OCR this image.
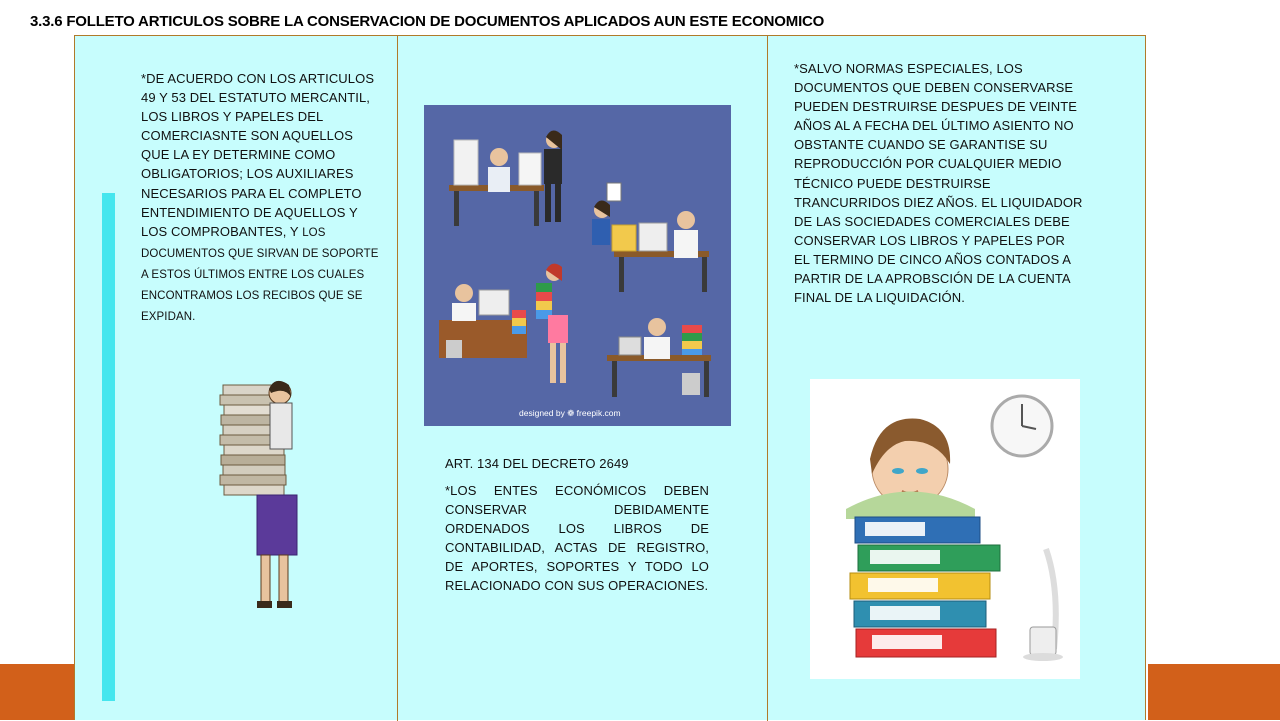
3.3.6 FOLLETO ARTICULOS SOBRE LA CONSERVACION DE DOCUMENTOS APLICADOS AUN ESTE ECONOMICO
*DE ACUERDO CON LOS ARTICULOS 49 Y 53 DEL ESTATUTO MERCANTIL, LOS LIBROS Y PAPELES DEL COMERCIASNTE SON AQUELLOS QUE LA EY DETERMINE COMO OBLIGATORIOS; LOS AUXILIARES NECESARIOS PARA EL COMPLETO ENTENDIMIENTO DE AQUELLOS Y LOS COMPROBANTES, Y LOS DOCUMENTOS QUE SIRVAN DE SOPORTE A ESTOS ÚLTIMOS ENTRE LOS CUALES ENCONTRAMOS LOS RECIBOS QUE SE EXPIDAN.
designed by ❁ freepik.com
ART. 134 DEL DECRETO 2649
*LOS ENTES ECONÓMICOS DEBEN CONSERVAR DEBIDAMENTE ORDENADOS LOS LIBROS DE CONTABILIDAD, ACTAS DE REGISTRO, DE APORTES, SOPORTES Y TODO LO RELACIONADO CON SUS OPERACIONES.
*SALVO NORMAS ESPECIALES, LOS DOCUMENTOS QUE DEBEN CONSERVARSE PUEDEN DESTRUIRSE DESPUES DE VEINTE AÑOS AL A FECHA DEL ÚLTIMO ASIENTO NO OBSTANTE CUANDO SE GARANTISE SU REPRODUCCIÓN POR CUALQUIER MEDIO TÉCNICO PUEDE DESTRUIRSE TRANCURRIDOS DIEZ AÑOS. EL LIQUIDADOR DE LAS SOCIEDADES COMERCIALES DEBE CONSERVAR LOS LIBROS Y PAPELES POR EL TERMINO DE CINCO AÑOS CONTADOS A PARTIR DE LA APROBSCIÓN DE LA CUENTA FINAL DE LA LIQUIDACIÓN.
